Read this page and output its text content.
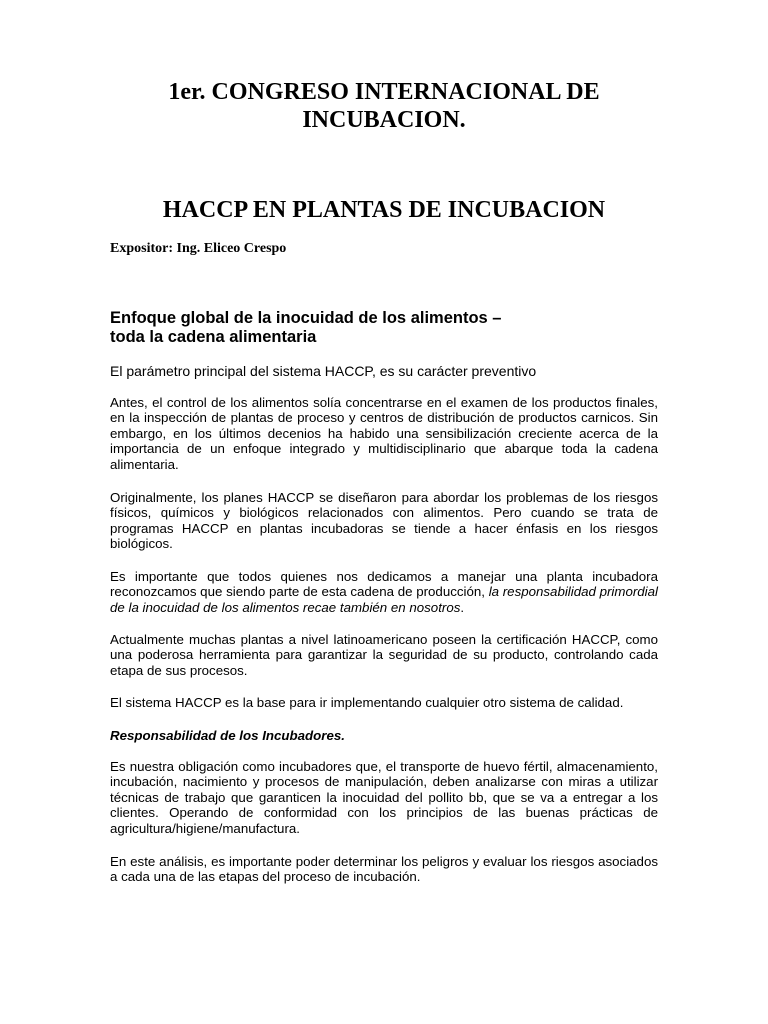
1er. CONGRESO INTERNACIONAL DE
INCUBACION.
HACCP EN PLANTAS DE INCUBACION
Expositor: Ing. Eliceo Crespo
Enfoque global de la inocuidad de los alimentos –
toda la cadena alimentaria

El parámetro principal del sistema HACCP, es su carácter preventivo

Antes, el control de los alimentos solía concentrarse en el examen de los productos finales, en la inspección de plantas de proceso y centros de distribución de productos carnicos. Sin embargo, en los últimos decenios ha habido una sensibilización creciente acerca de la importancia de un enfoque integrado y multidisciplinario que abarque toda la cadena alimentaria.

Originalmente, los planes HACCP se diseñaron para abordar los problemas de los riesgos físicos, químicos y biológicos relacionados con alimentos. Pero cuando se trata de programas HACCP en plantas incubadoras se tiende a hacer énfasis en los riesgos biológicos.

Es importante que todos quienes nos dedicamos a manejar una planta incubadora reconozcamos que siendo parte de esta cadena de producción, la responsabilidad primordial de la inocuidad de los alimentos recae también en nosotros.

Actualmente muchas plantas a nivel latinoamericano poseen la certificación HACCP, como una poderosa herramienta para garantizar la seguridad de su producto, controlando cada etapa de sus procesos.

El sistema HACCP es la base para ir implementando cualquier otro sistema de calidad.

Responsabilidad de los Incubadores.

Es nuestra obligación como incubadores que, el transporte de huevo fértil, almacenamiento, incubación, nacimiento y procesos de manipulación, deben analizarse con miras a utilizar técnicas de trabajo que garanticen la inocuidad del pollito bb, que se va a entregar a los clientes. Operando de conformidad con los principios de las buenas prácticas de agricultura/higiene/manufactura.

En este análisis, es importante poder determinar los peligros y evaluar los riesgos asociados a cada una de las etapas del proceso de incubación.
